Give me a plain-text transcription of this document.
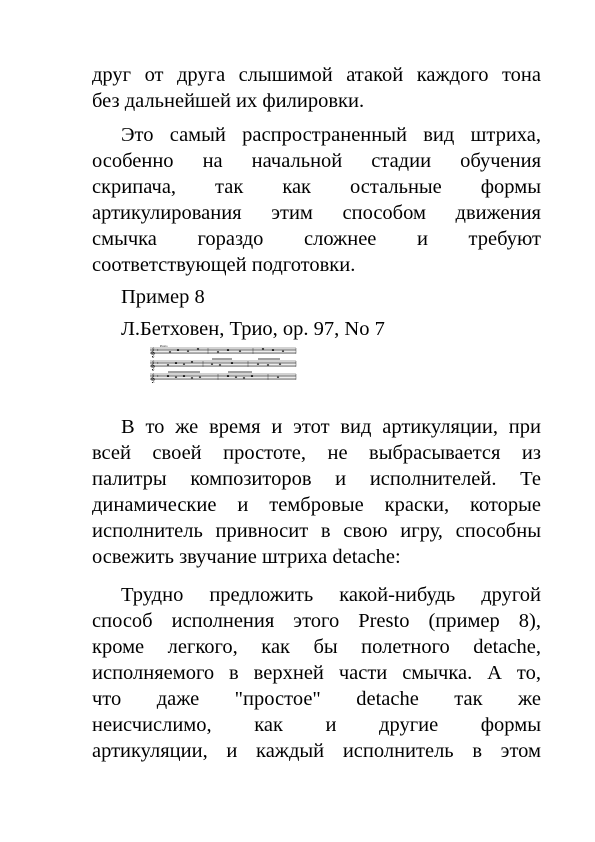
друг от друга слышимой атакой каждого тона
без дальнейшей их филировки.
Это самый распространенный вид штриха,
особенно на начальной стадии обучения
скрипача, так как остальные формы
артикулирования этим способом движения
смычка гораздо сложнее и требуют
соответствующей подготовки.
Пример 8
Л.Бетховен, Трио, ор. 97, No 7
Presto
𝄞
𝄞
𝄞
♯
♯
♯
В то же время и этот вид артикуляции, при
всей своей простоте, не выбрасывается из
палитры композиторов и исполнителей. Те
динамические и тембровые краски, которые
исполнитель привносит в свою игру, способны
освежить звучание штриха detache:
Трудно предложить какой-нибудь другой
способ исполнения этого Presto (пример 8),
кроме легкого, как бы полетного detache,
исполняемого в верхней части смычка. А то,
что даже "простое" detache так же
неисчислимо, как и другие формы
артикуляции, и каждый исполнитель в этом
